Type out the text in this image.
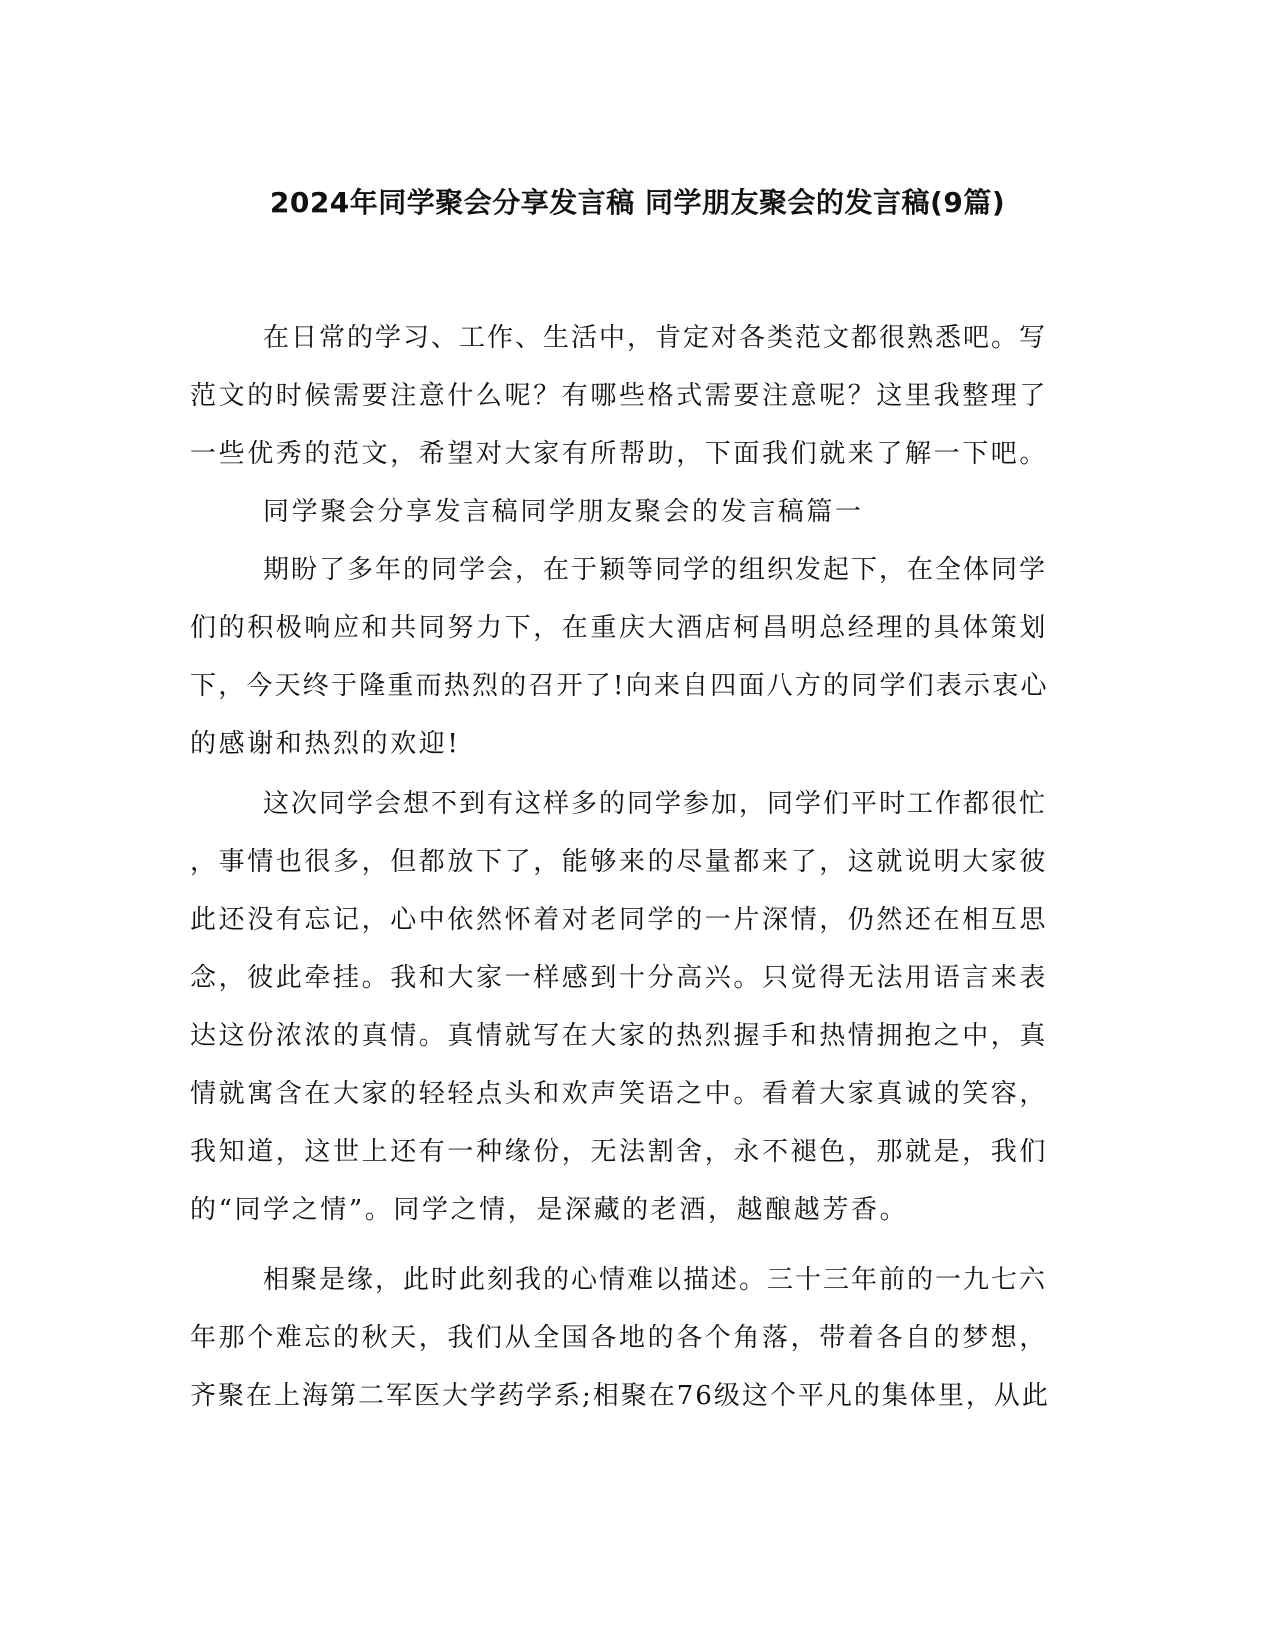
2024年同学聚会分享发言稿 同学朋友聚会的发言稿(9篇)

在日常的学习、工作、生活中，肯定对各类范文都很熟悉吧。写

范文的时候需要注意什么呢？有哪些格式需要注意呢？这里我整理了

一些优秀的范文，希望对大家有所帮助，下面我们就来了解一下吧。

同学聚会分享发言稿同学朋友聚会的发言稿篇一

期盼了多年的同学会，在于颖等同学的组织发起下，在全体同学

们的积极响应和共同努力下，在重庆大酒店柯昌明总经理的具体策划

下，今天终于隆重而热烈的召开了!向来自四面八方的同学们表示衷心

的感谢和热烈的欢迎!

这次同学会想不到有这样多的同学参加，同学们平时工作都很忙

，事情也很多，但都放下了，能够来的尽量都来了，这就说明大家彼

此还没有忘记，心中依然怀着对老同学的一片深情，仍然还在相互思

念，彼此牵挂。我和大家一样感到十分高兴。只觉得无法用语言来表

达这份浓浓的真情。真情就写在大家的热烈握手和热情拥抱之中，真

情就寓含在大家的轻轻点头和欢声笑语之中。看着大家真诚的笑容，

我知道，这世上还有一种缘份，无法割舍，永不褪色，那就是，我们

的“同学之情”。同学之情，是深藏的老酒，越酿越芳香。

相聚是缘，此时此刻我的心情难以描述。三十三年前的一九七六

年那个难忘的秋天，我们从全国各地的各个角落，带着各自的梦想，

齐聚在上海第二军医大学药学系;相聚在76级这个平凡的集体里，从此
